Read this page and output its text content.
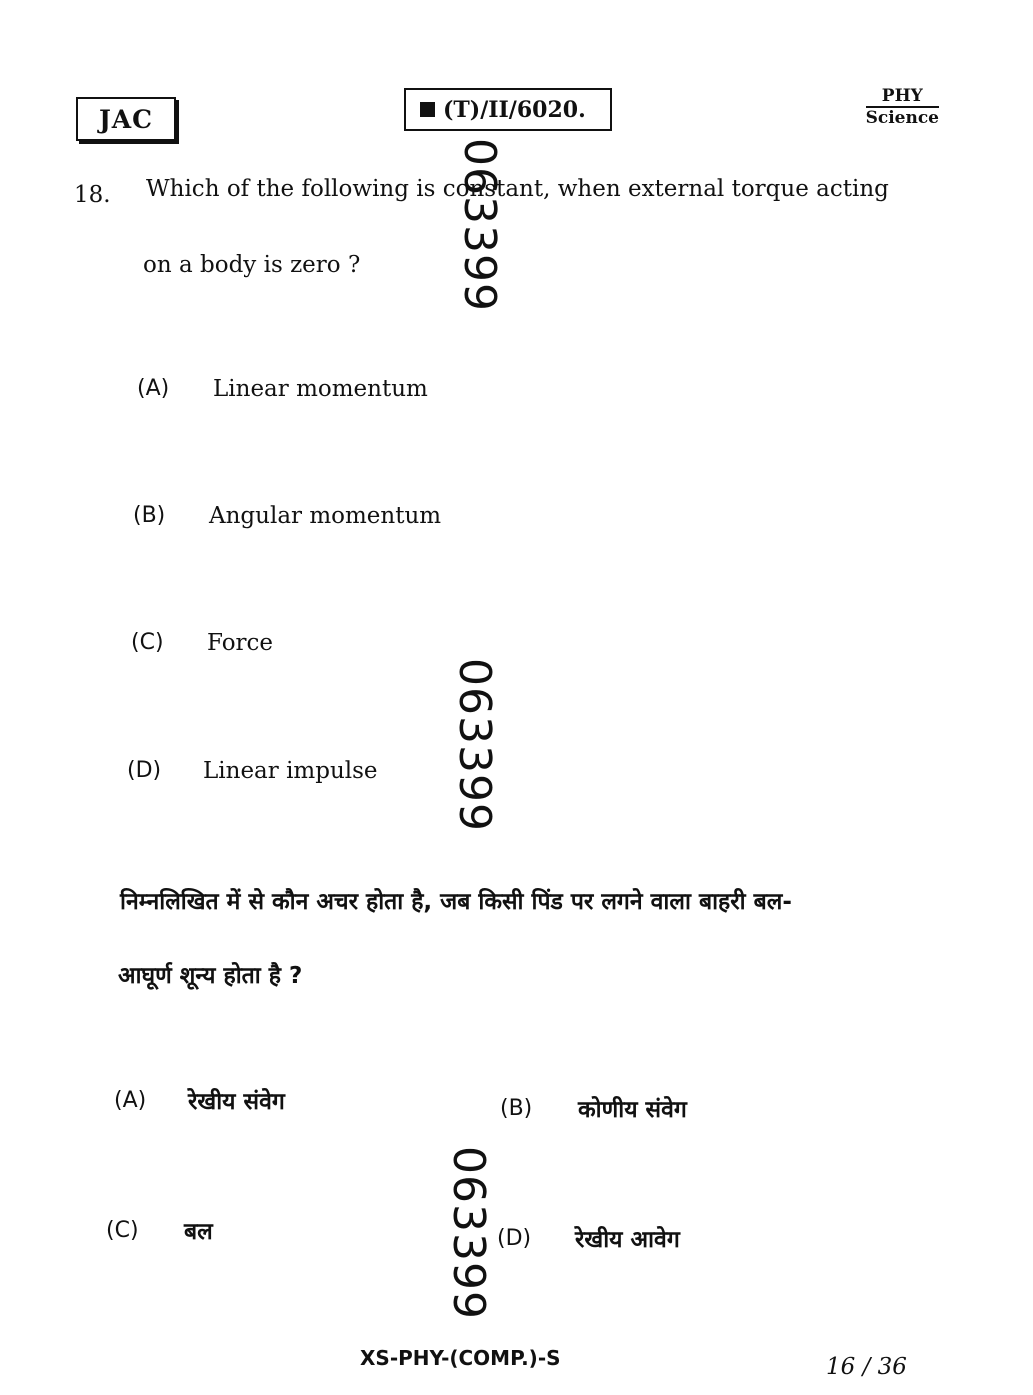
JAC	(T)/II/6020.
PHY
Science
063399
063399
063399
18. Which of the following is constant, when external torque acting
on a body is zero ?
(A) Linear momentum
(B) Angular momentum
(C) Force
(D) Linear impulse
निम्नलिखित में से कौन अचर होता है, जब किसी पिंड पर लगने वाला बाहरी बल-
आघूर्ण शून्य होता है ?
(A) रेखीय संवेग	(B) कोणीय संवेग
(C) बल	(D) रेखीय आवेग
XS-PHY-(COMP.)-S	16 / 36
